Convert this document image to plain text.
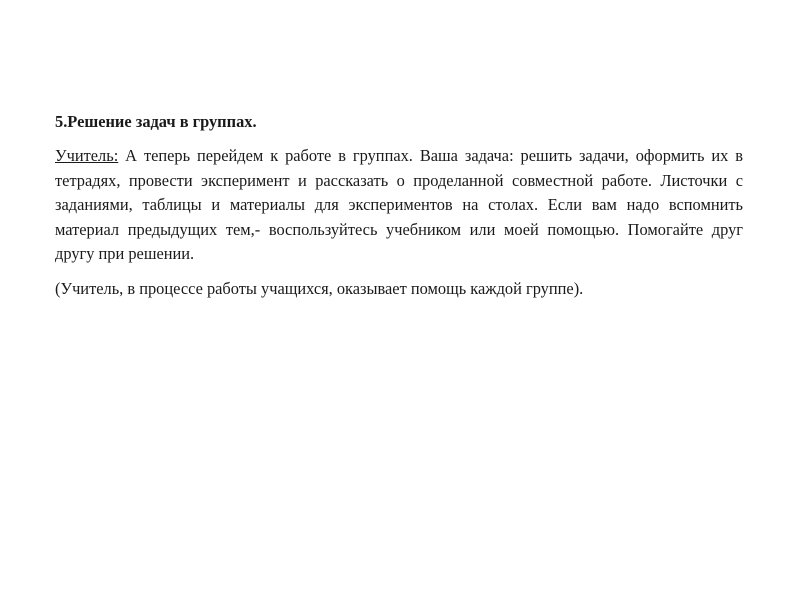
5.Решение задач в группах.

Учитель: А теперь перейдем к работе в группах. Ваша задача: решить задачи, оформить их в тетрадях, провести эксперимент и рассказать о проделанной совместной работе. Листочки с заданиями, таблицы и материалы для экспериментов на столах. Если вам надо вспомнить материал предыдущих тем,- воспользуйтесь учебником или моей помощью. Помогайте друг другу при решении.

(Учитель, в процессе работы учащихся, оказывает помощь каждой группе).
